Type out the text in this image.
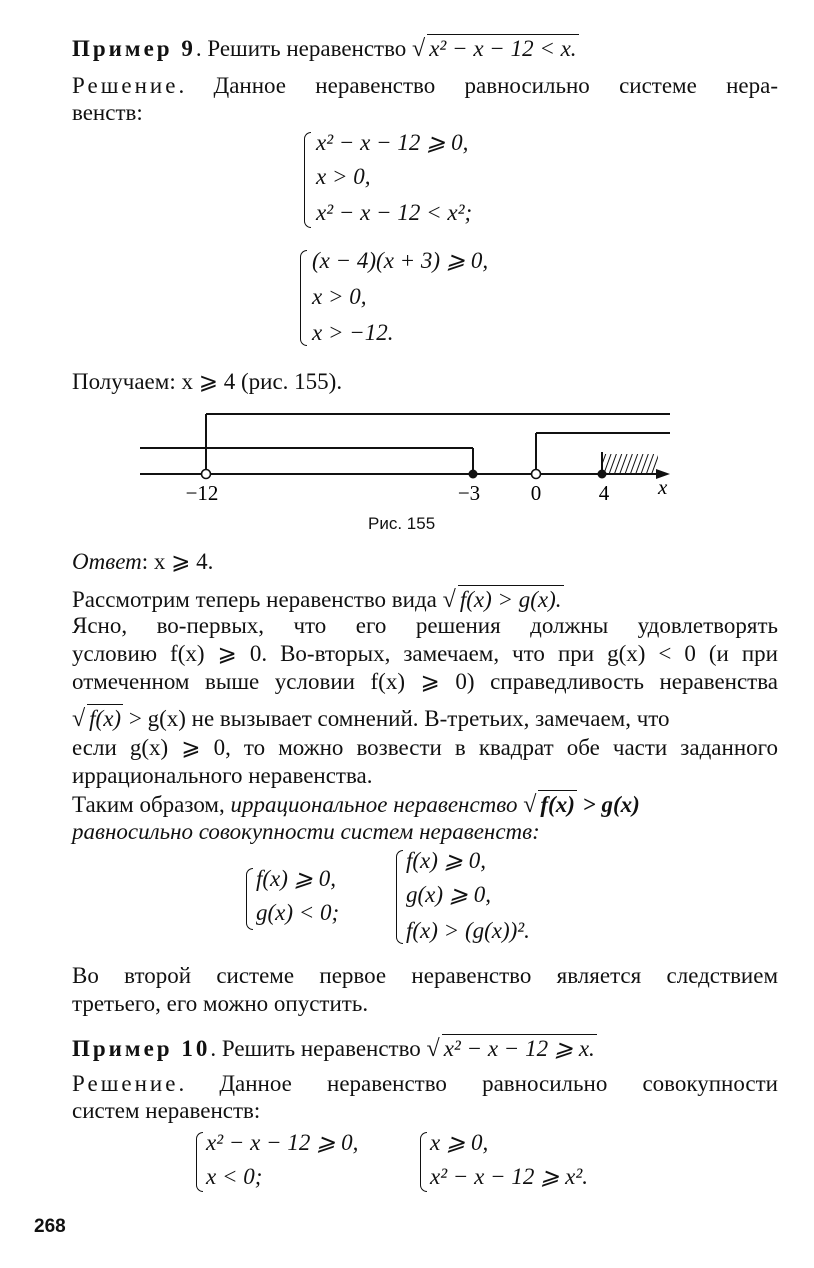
Пример 9. Решить неравенство √ x² − x − 12 < x.
Решение. Данное неравенство равносильно системе нера-
венств:
x² − x − 12 ⩾ 0,
x > 0,
x² − x − 12 < x²;
(x − 4)(x + 3) ⩾ 0,
x > 0,
x > −12.
Получаем: x ⩾ 4 (рис. 155).
−12	−3 0	4 x
Рис. 155
Ответ: x ⩾ 4.
Рассмотрим теперь неравенство вида √ f(x) > g(x).
Ясно, во-первых, что его решения должны удовлетворять
условию f(x) ⩾ 0. Во-вторых, замечаем, что при g(x) < 0 (и при
отмеченном выше условии f(x) ⩾ 0) справедливость неравенства
√ f(x) > g(x) не вызывает сомнений. В-третьих, замечаем, что
если g(x) ⩾ 0, то можно возвести в квадрат обе части заданного
иррационального неравенства.
Таким образом, иррациональное неравенство √ f(x) > g(x)
равносильно совокупности систем неравенств:
f(x) ⩾ 0,
g(x) < 0;
f(x) ⩾ 0,
g(x) ⩾ 0,
f(x) > (g(x))².
Во второй системе первое неравенство является следствием
третьего, его можно опустить.
Пример 10. Решить неравенство √ x² − x − 12 ⩾ x.
Решение. Данное неравенство равносильно совокупности
систем неравенств:
x² − x − 12 ⩾ 0,
x < 0;
x ⩾ 0,
x² − x − 12 ⩾ x².
268
